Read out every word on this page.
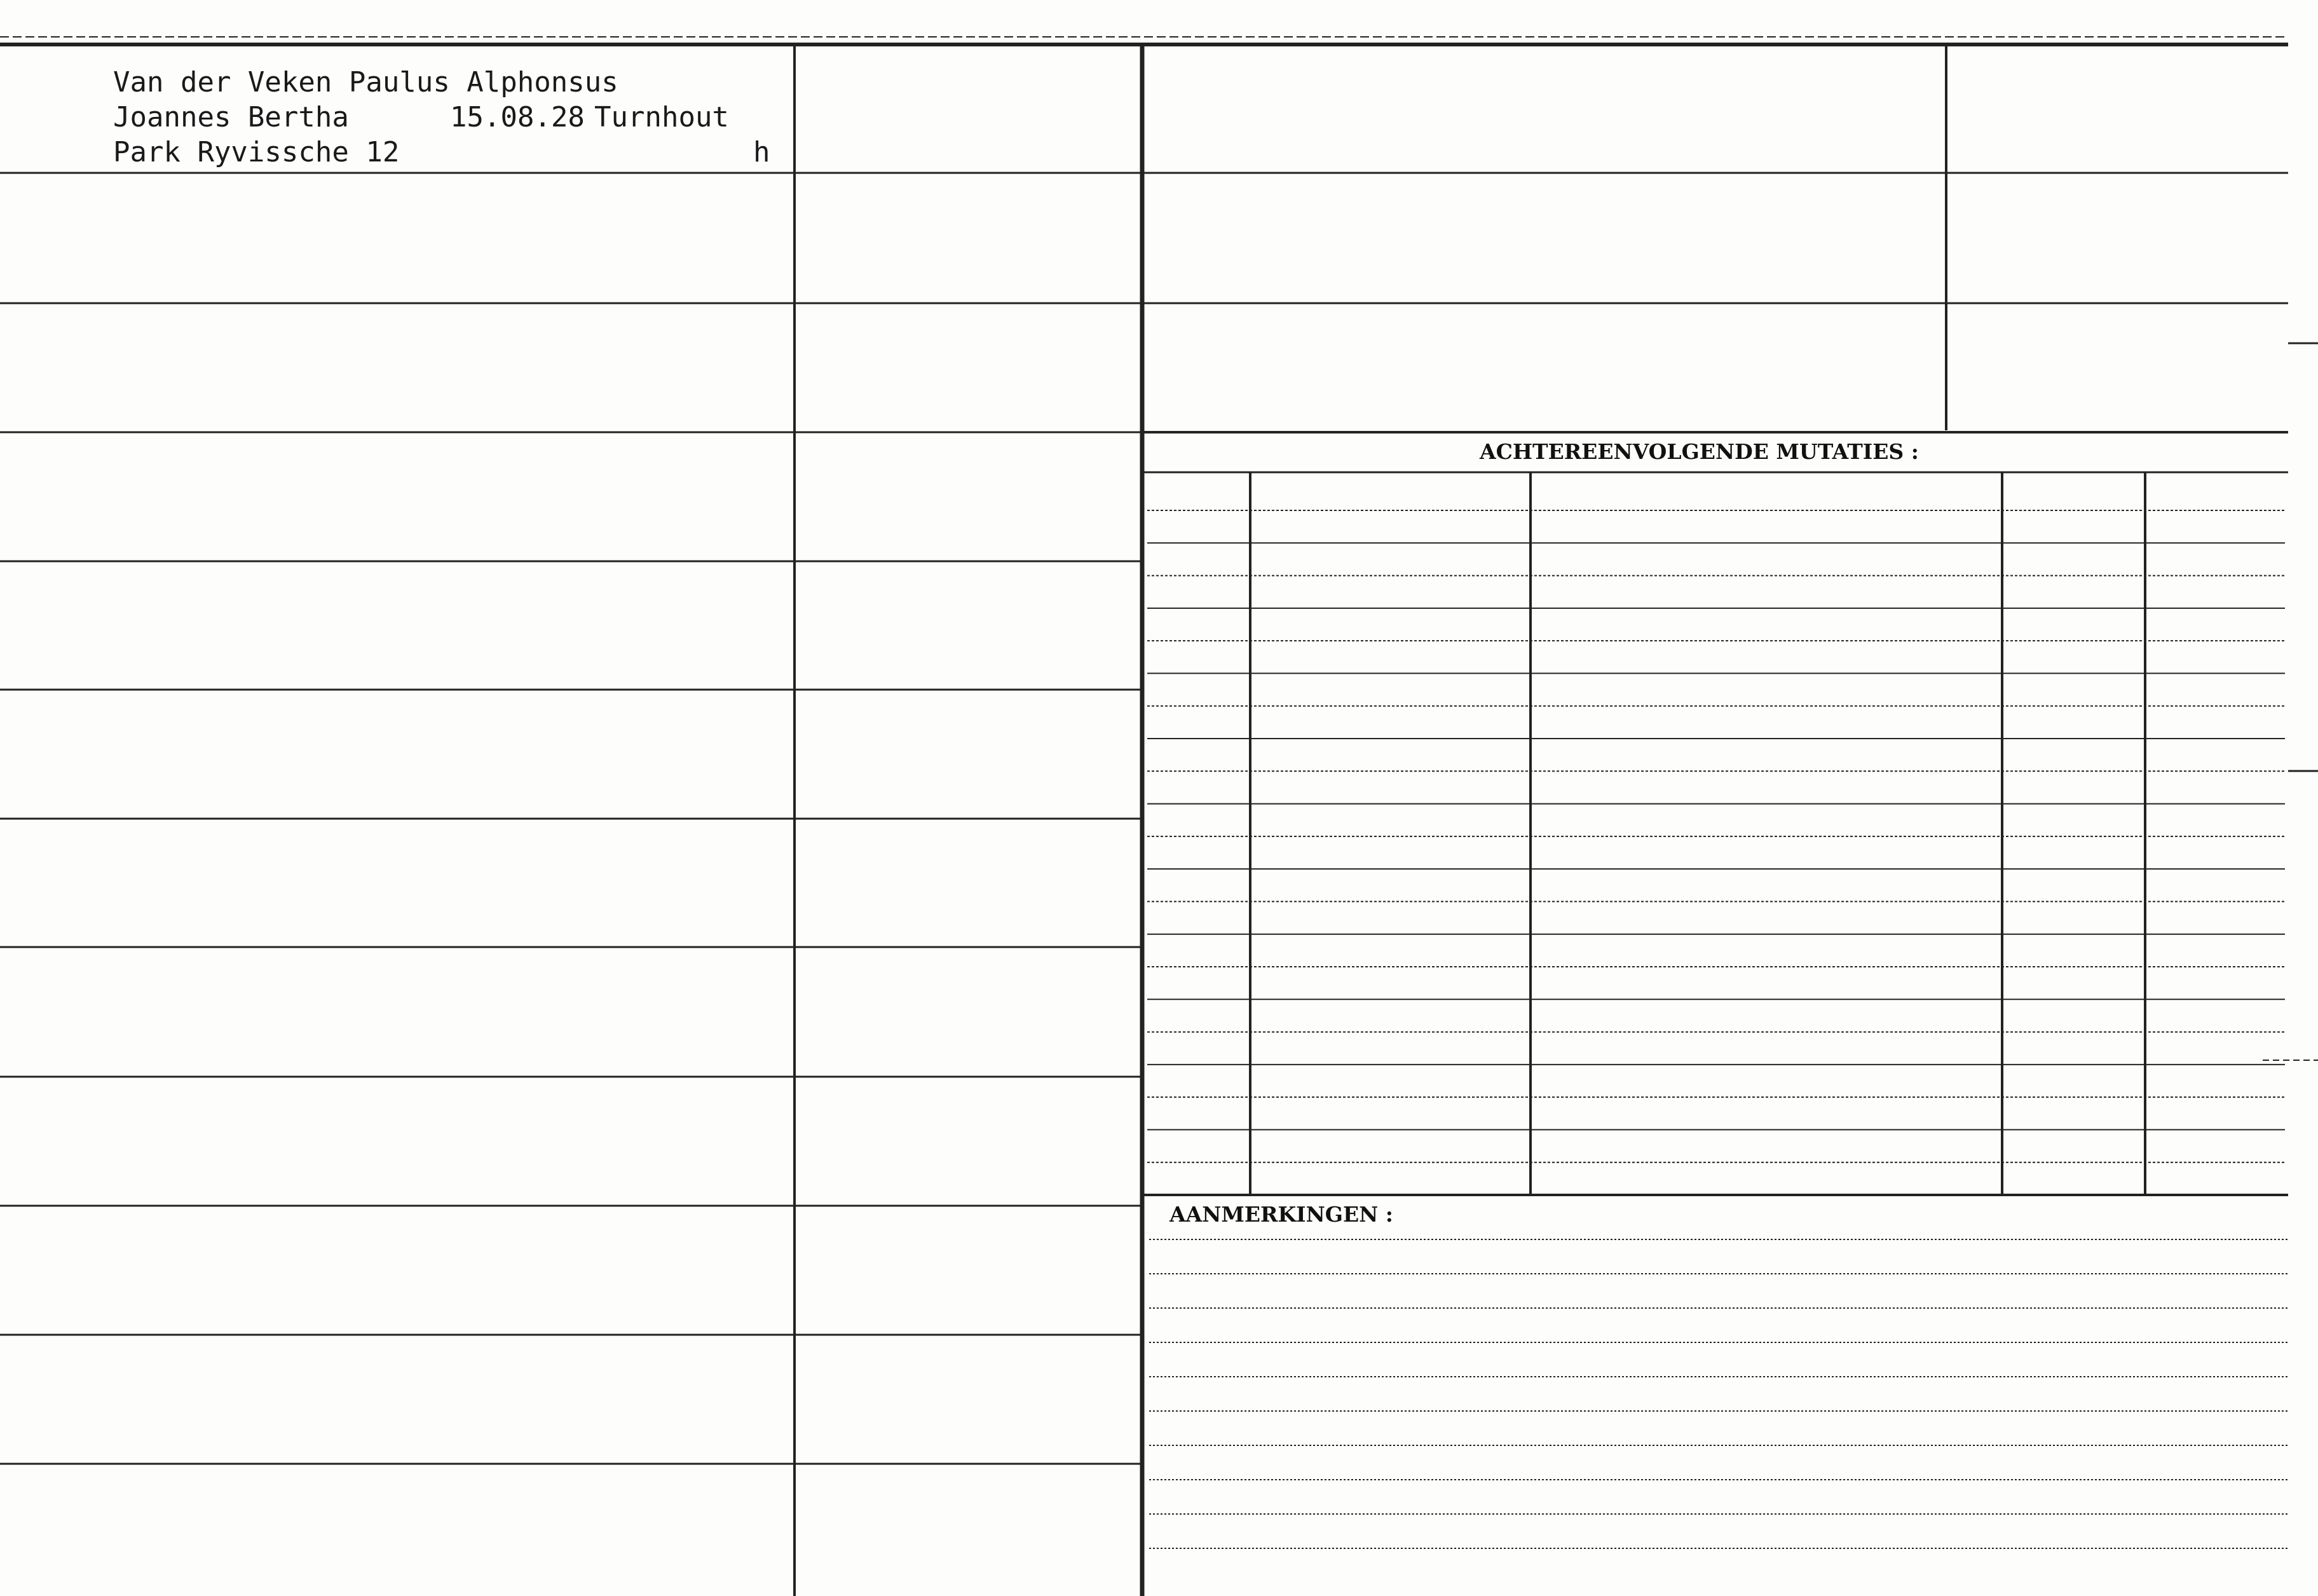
Van der Veken Paulus Alphonsus
Joannes Bertha	15.08.28 Turnhout
Park Ryvissche 12	h
ACHTEREENVOLGENDE MUTATIES :
AANMERKINGEN :
